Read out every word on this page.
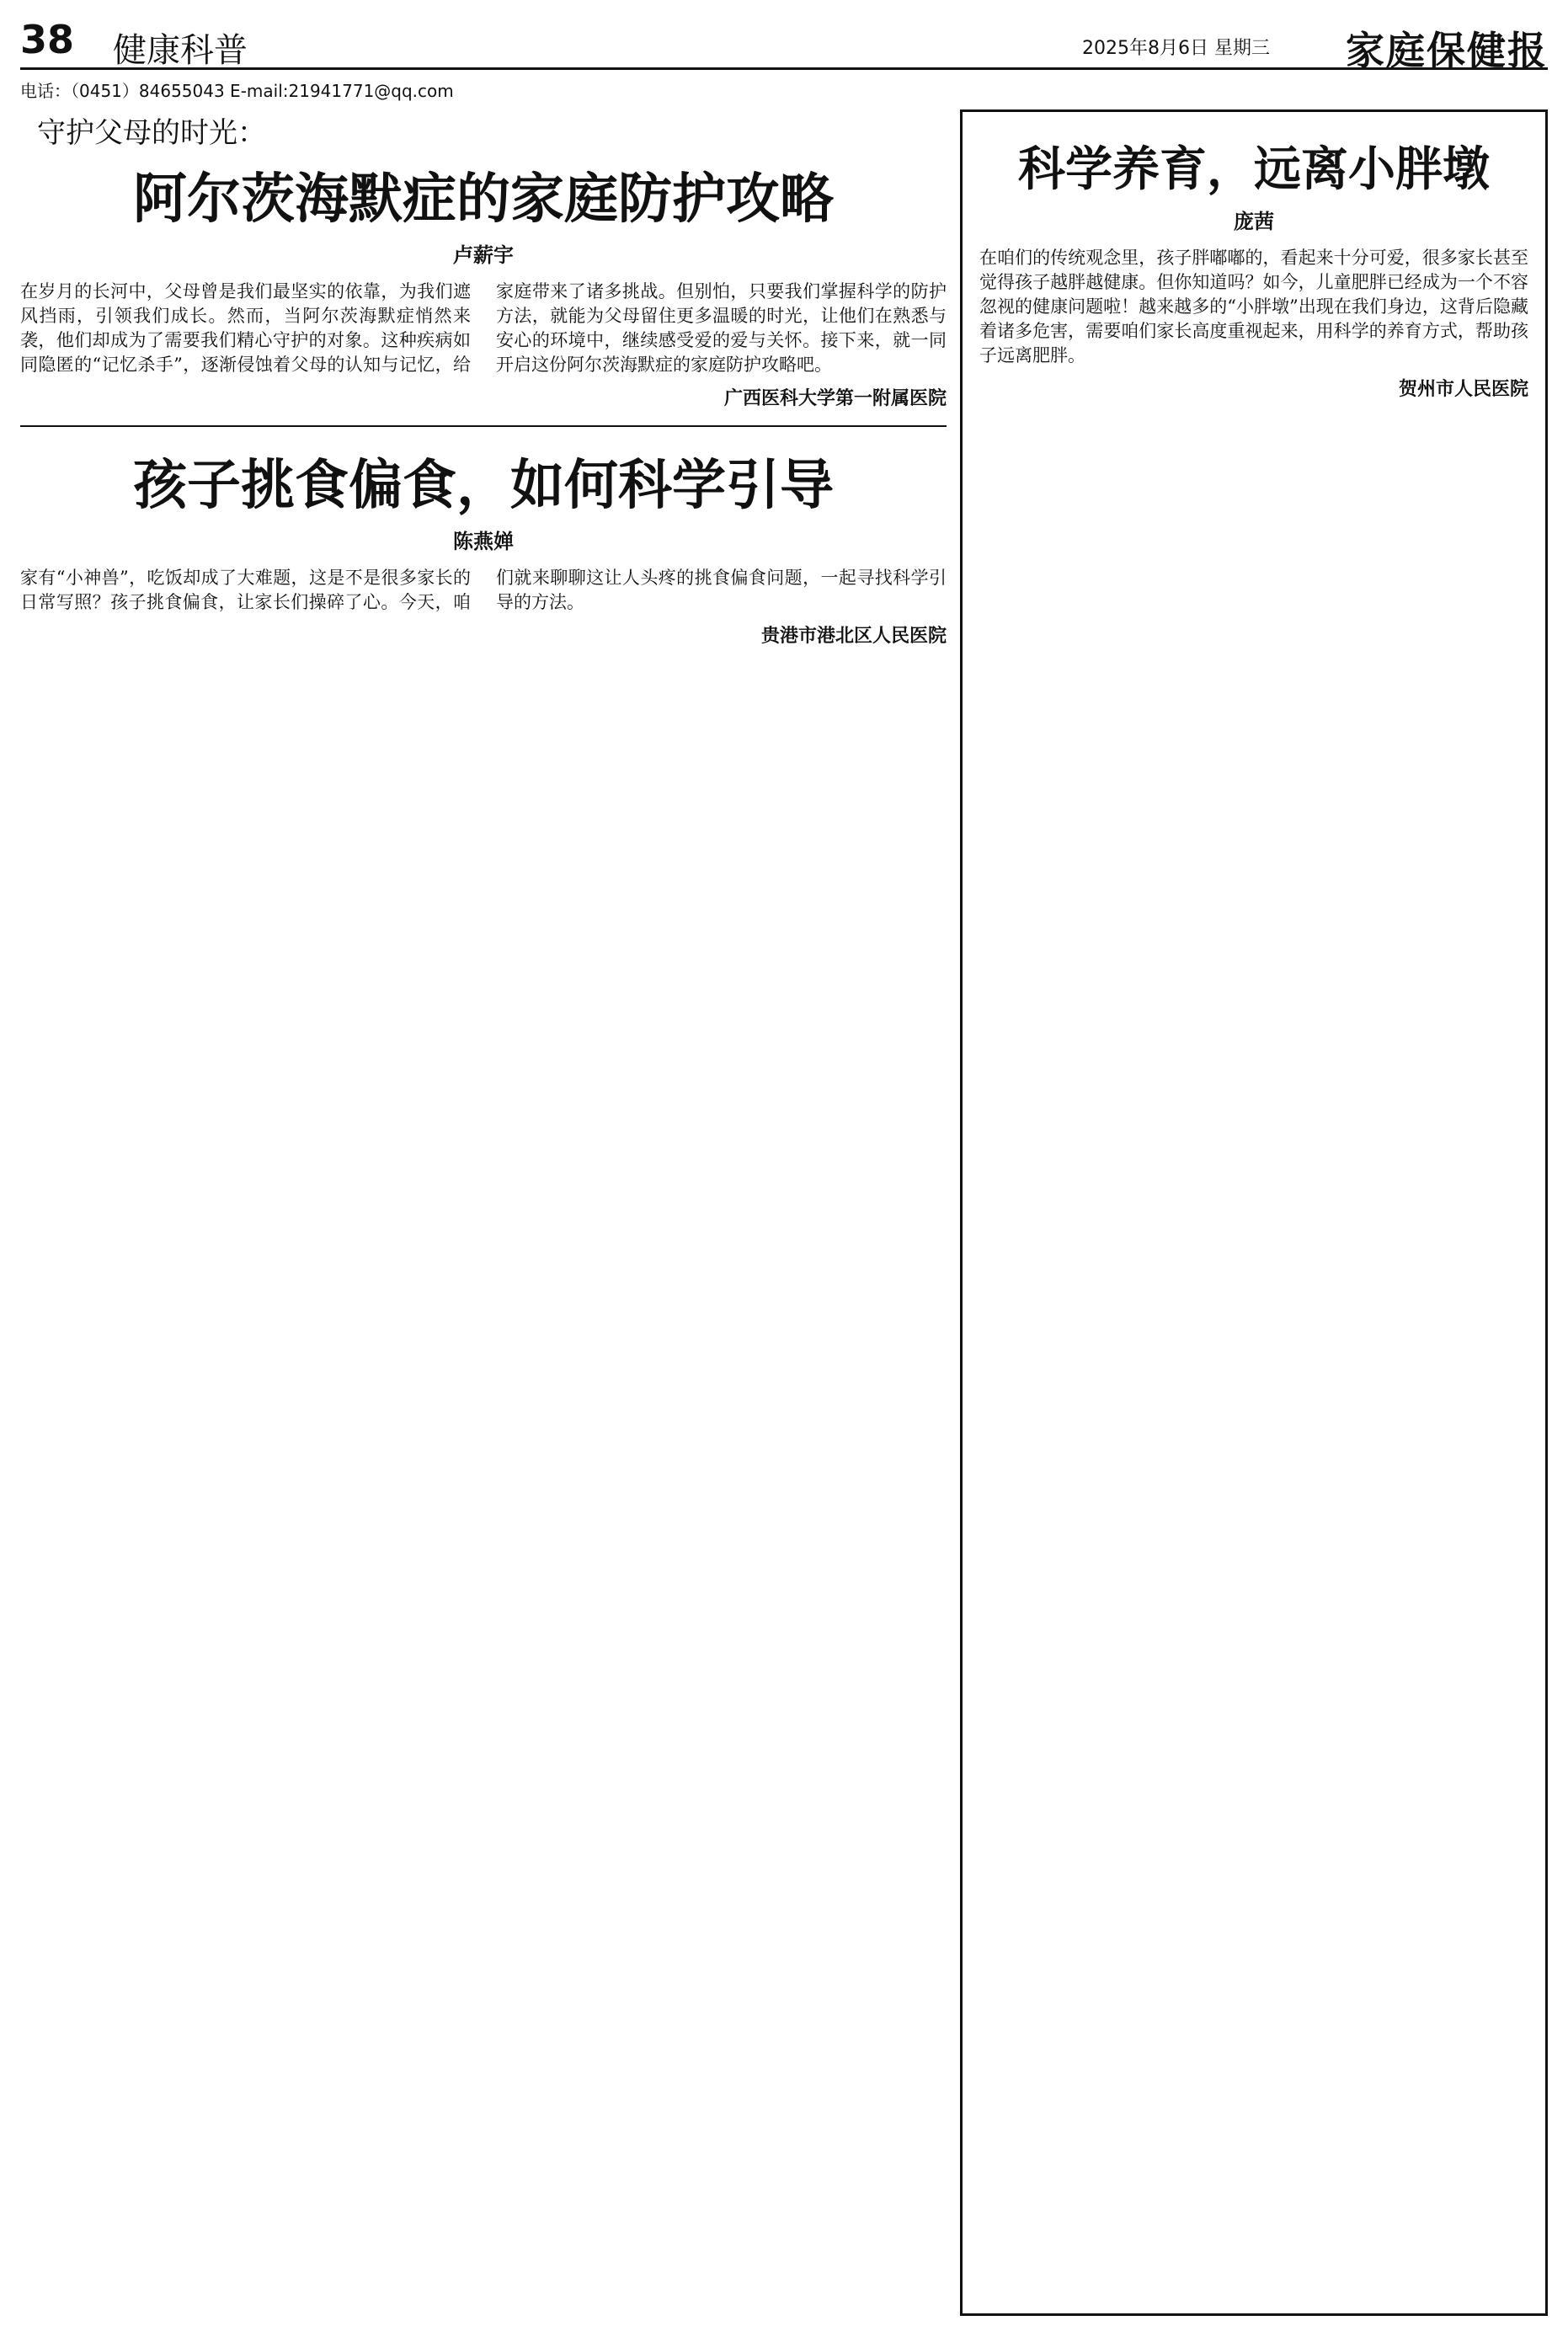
38 健康科普	2025年8月6日 星期三 家庭保健报
电话：（0451）84655043 E-mail:21941771@qq.com
守护父母的时光：
阿尔茨海默症的家庭防护攻略
卢薪宇

在岁月的长河中，父母曾是我们最坚实的依靠，为我们遮风挡雨，引领我们成长。然而，当阿尔茨海默症悄然来袭，他们却成为了需要我们精心守护的对象。这种疾病如同隐匿的“记忆杀手”，逐渐侵蚀着父母的认知与记忆，给家庭带来了诸多挑战。但别怕，只要我们掌握科学的防护方法，就能为父母留住更多温暖的时光，让他们在熟悉与安心的环境中，继续感受爱的爱与关怀。接下来，就一同开启这份阿尔茨海默症的家庭防护攻略吧。

广西医科大学第一附属医院
孩子挑食偏食，如何科学引导
陈燕婵

家有“小神兽”，吃饭却成了大难题，这是不是很多家长的日常写照？孩子挑食偏食，让家长们操碎了心。今天，咱们就来聊聊这让人头疼的挑食偏食问题，一起寻找科学引导的方法。

贵港市港北区人民医院
科学养育，远离小胖墩
庞茜

在咱们的传统观念里，孩子胖嘟嘟的，看起来十分可爱，很多家长甚至觉得孩子越胖越健康。但你知道吗？如今，儿童肥胖已经成为一个不容忽视的健康问题啦！越来越多的“小胖墩”出现在我们身边，这背后隐藏着诸多危害，需要咱们家长高度重视起来，用科学的养育方式，帮助孩子远离肥胖。

贺州市人民医院
